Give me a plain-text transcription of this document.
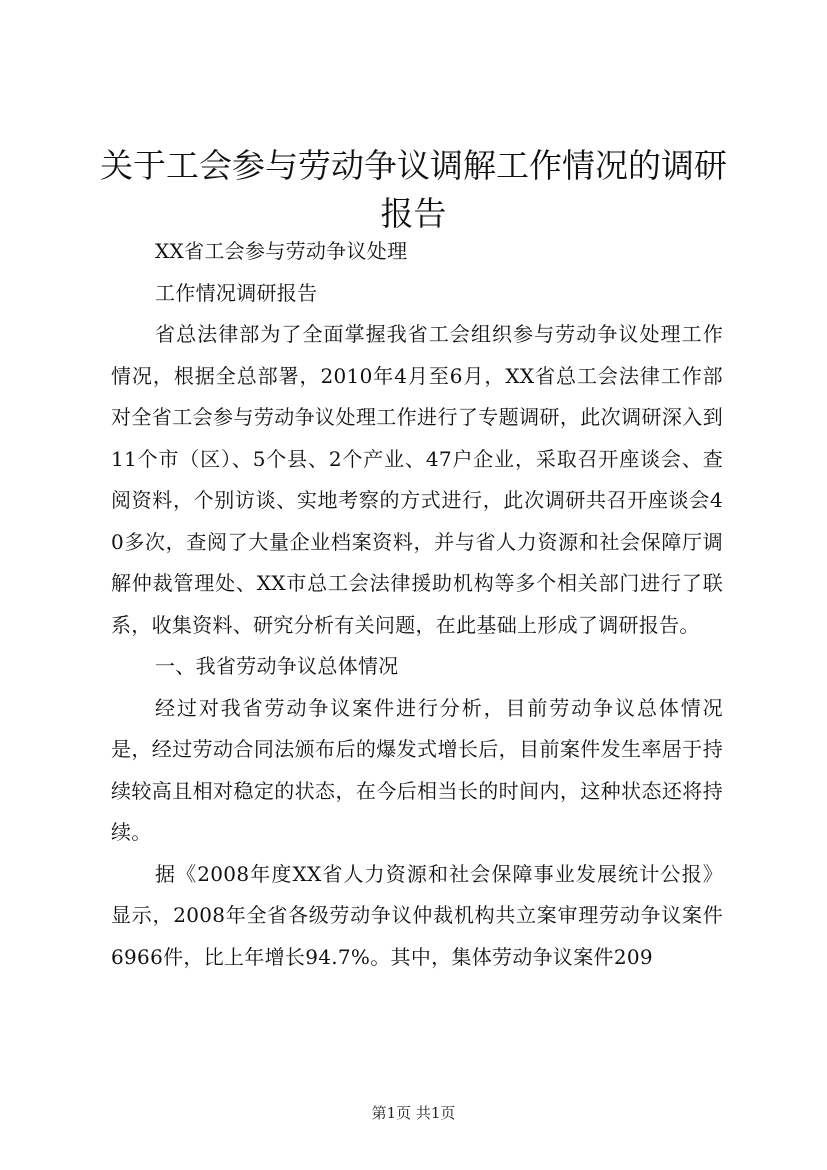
关于工会参与劳动争议调解工作情况的调研报告

XX省工会参与劳动争议处理

工作情况调研报告

省总法律部为了全面掌握我省工会组织参与劳动争议处理工作情况，根据全总部署，2010年4月至6月，XX省总工会法律工作部对全省工会参与劳动争议处理工作进行了专题调研，此次调研深入到11个市（区）、5个县、2个产业、47户企业，采取召开座谈会、查阅资料，个别访谈、实地考察的方式进行，此次调研共召开座谈会40多次，查阅了大量企业档案资料，并与省人力资源和社会保障厅调解仲裁管理处、XX市总工会法律援助机构等多个相关部门进行了联系，收集资料、研究分析有关问题，在此基础上形成了调研报告。

一、我省劳动争议总体情况

经过对我省劳动争议案件进行分析，目前劳动争议总体情况是，经过劳动合同法颁布后的爆发式增长后，目前案件发生率居于持续较高且相对稳定的状态，在今后相当长的时间内，这种状态还将持续。

据《2008年度XX省人力资源和社会保障事业发展统计公报》显示，2008年全省各级劳动争议仲裁机构共立案审理劳动争议案件6966件，比上年增长94.7%。其中，集体劳动争议案件209

第1页 共1页
